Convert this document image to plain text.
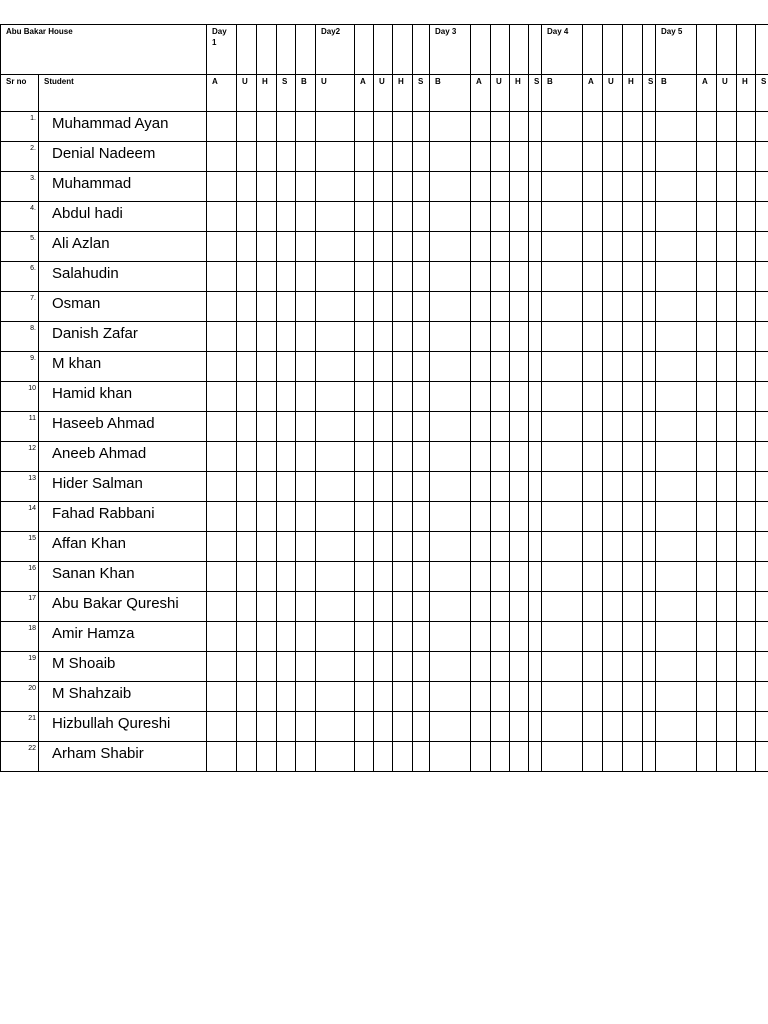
Abu Bakar House		Day 1					Day2					Day 3					Day 4					Day 5				
Sr no	Student	A	U	H	S	B	U	A	U	H	S	B	A	U	H	S	B	A	U	H	S	B	A	U	H	S
1.	Muhammad Ayan																									
2.	Denial Nadeem																									
3.	Muhammad																									
4.	Abdul hadi																									
5.	Ali Azlan																									
6.	Salahudin																									
7.	Osman																									
8.	Danish Zafar																									
9.	M khan																									
10	Hamid khan																									
11	Haseeb Ahmad																									
12	Aneeb Ahmad																									
13	Hider Salman																									
14	Fahad Rabbani																									
15	Affan Khan																									
16	Sanan Khan																									
17	Abu Bakar Qureshi																									
18	Amir Hamza																									
19	M Shoaib																									
20	M Shahzaib																									
21	Hizbullah Qureshi																									
22	Arham Shabir																									
